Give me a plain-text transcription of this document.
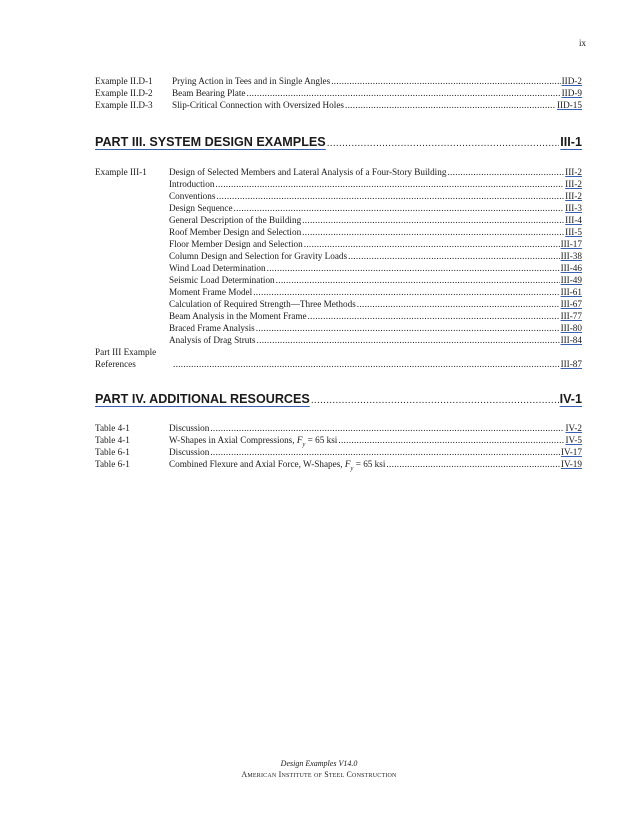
ix
Example II.D-1 Prying Action in Tees and in Single Angles .....	IID-2
Example II.D-2 Beam Bearing Plate .....	IID-9
Example II.D-3 Slip-Critical Connection with Oversized Holes .....	IID-15
PART III. SYSTEM DESIGN EXAMPLES .....	III-1
Example III-1 Design of Selected Members and Lateral Analysis of a Four-Story Building .....	III-2
Introduction .....	III-2
Conventions .....	III-2
Design Sequence .....	III-3
General Description of the Building .....	III-4
Roof Member Design and Selection .....	III-5
Floor Member Design and Selection .....	III-17
Column Design and Selection for Gravity Loads .....	III-38
Wind Load Determination .....	III-46
Seismic Load Determination .....	III-49
Moment Frame Model .....	III-61
Calculation of Required Strength—Three Methods .....	III-67
Beam Analysis in the Moment Frame .....	III-77
Braced Frame Analysis .....	III-80
Analysis of Drag Struts .....	III-84
Part III Example
References .....	III-87
PART IV. ADDITIONAL RESOURCES .....	IV-1
Table 4-1	Discussion .....	IV-2
Table 4-1	W-Shapes in Axial Compressions, $F_y = 65$ ksi .....	IV-5
Table 6-1	Discussion .....	IV-17
Table 6-1	Combined Flexure and Axial Force, W-Shapes, $F_y = 65$ ksi .....	IV-19
Design Examples V14.0
American Institute of Steel Construction
